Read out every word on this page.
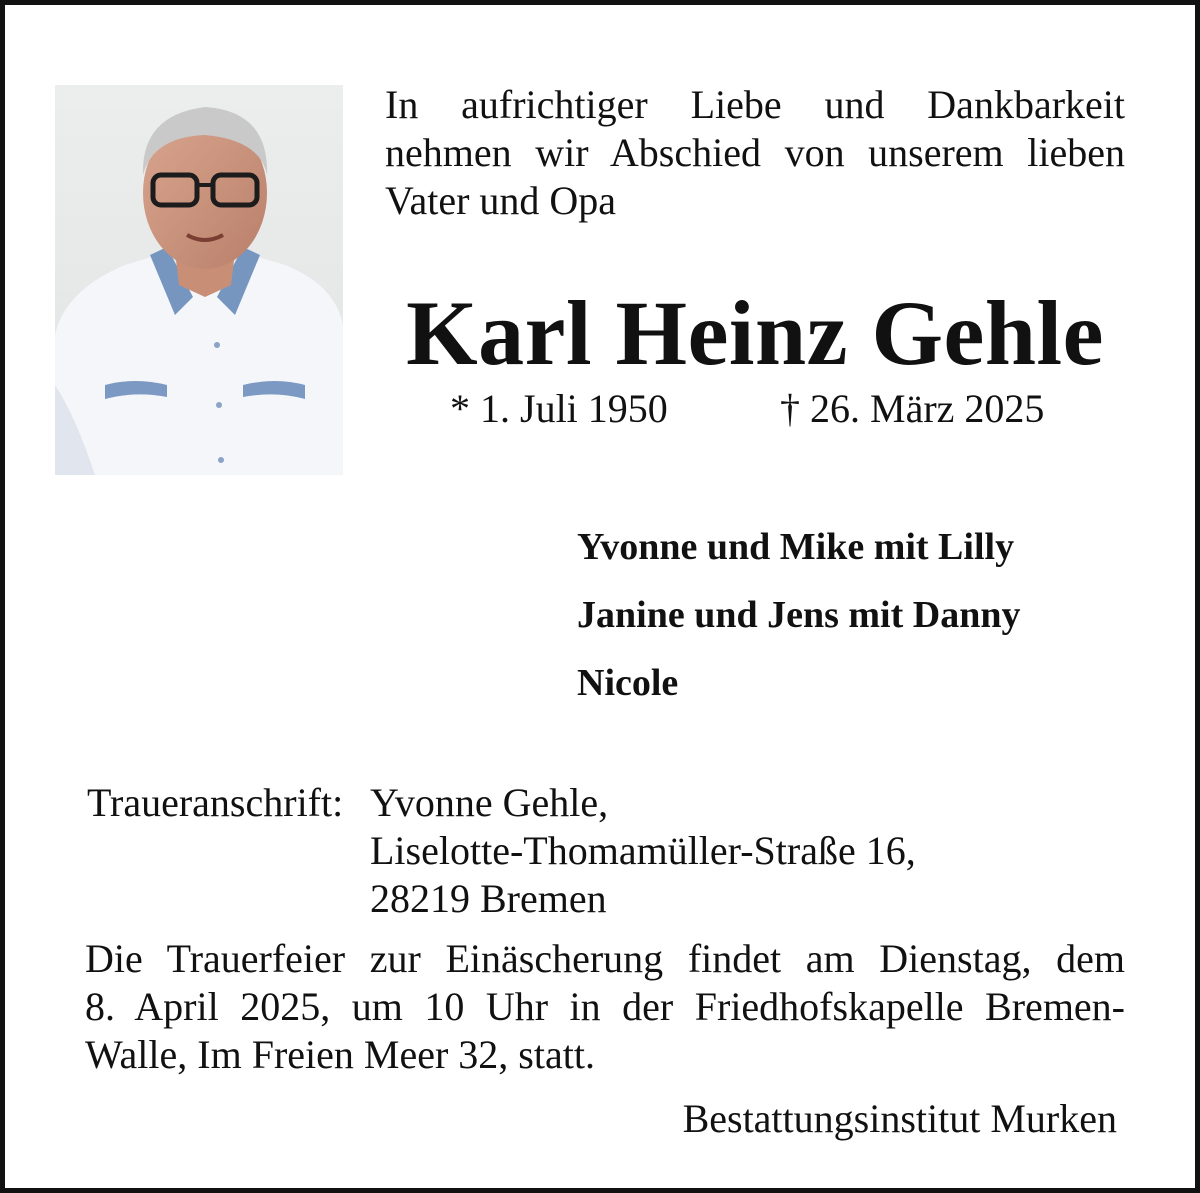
In aufrichtiger Liebe und Dankbarkeit
nehmen wir Abschied von unserem lieben
Vater und Opa
Karl Heinz Gehle
* 1. Juli 1950	† 26. März 2025
Yvonne und Mike mit Lilly
Janine und Jens mit Danny
Nicole
Traueranschrift: Yvonne Gehle,
Liselotte-Thomamüller-Straße 16,
28219 Bremen
Die Trauerfeier zur Einäscherung findet am Dienstag, dem
8. April 2025, um 10 Uhr in der Friedhofskapelle Bremen-
Walle, Im Freien Meer 32, statt.
Bestattungsinstitut Murken
